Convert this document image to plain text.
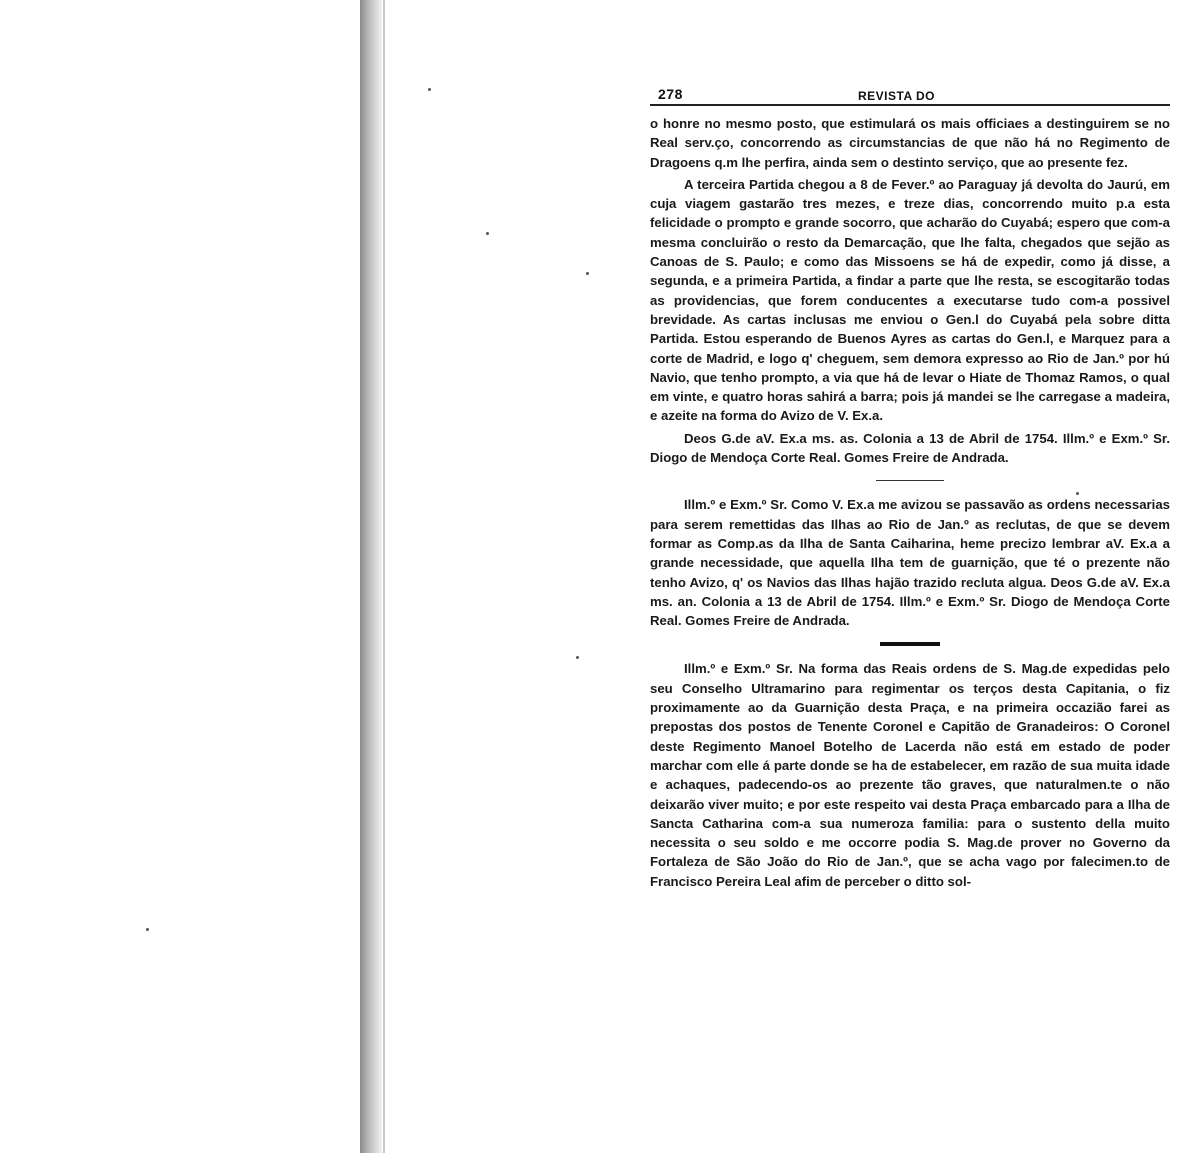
278	REVISTA DO

o honre no mesmo posto, que estimulará os mais officiaes a destinguirem se no Real serv.ço, concorrendo as circumstancias de que não há no Regimento de Dragoens q.m lhe perfira, ainda sem o destinto serviço, que ao presente fez.

A terceira Partida chegou a 8 de Fever.º ao Paraguay já devolta do Jaurú, em cuja viagem gastarão tres mezes, e treze dias, concorrendo muito p.a esta felicidade o prompto e grande socorro, que acharão do Cuyabá; espero que com-a mesma concluirão o resto da Demarcação, que lhe falta, chegados que sejão as Canoas de S. Paulo; e como das Missoens se há de expedir, como já disse, a segunda, e a primeira Partida, a findar a parte que lhe resta, se escogitarão todas as providencias, que forem conducentes a executarse tudo com-a possivel brevidade. As cartas inclusas me enviou o Gen.l do Cuyabá pela sobre ditta Partida. Estou esperando de Buenos Ayres as cartas do Gen.l, e Marquez para a corte de Madrid, e logo q' cheguem, sem demora expresso ao Rio de Jan.º por hú Navio, que tenho prompto, a via que há de levar o Hiate de Thomaz Ramos, o qual em vinte, e quatro horas sahirá a barra; pois já mandei se lhe carregase a madeira, e azeite na forma do Avizo de V. Ex.a.

Deos G.de aV. Ex.a ms. as. Colonia a 13 de Abril de 1754. Illm.º e Exm.º Sr. Diogo de Mendoça Corte Real. Gomes Freire de Andrada.

Illm.º e Exm.º Sr. Como V. Ex.a me avizou se passavão as ordens necessarias para serem remettidas das Ilhas ao Rio de Jan.º as reclutas, de que se devem formar as Comp.as da Ilha de Santa Caiharina, heme precizo lembrar aV. Ex.a a grande necessidade, que aquella Ilha tem de guarnição, que té o prezente não tenho Avizo, q' os Navios das Ilhas hajão trazido recluta algua. Deos G.de aV. Ex.a ms. an. Colonia a 13 de Abril de 1754. Illm.º e Exm.º Sr. Diogo de Mendoça Corte Real. Gomes Freire de Andrada.

Illm.º e Exm.º Sr. Na forma das Reais ordens de S. Mag.de expedidas pelo seu Conselho Ultramarino para regimentar os terços desta Capitania, o fiz proximamente ao da Guarnição desta Praça, e na primeira occazião farei as prepostas dos postos de Tenente Coronel e Capitão de Granadeiros: O Coronel deste Regimento Manoel Botelho de Lacerda não está em estado de poder marchar com elle á parte donde se ha de estabelecer, em razão de sua muita idade e achaques, padecendo-os ao prezente tão graves, que naturalmen.te o não deixarão viver muito; e por este respeito vai desta Praça embarcado para a Ilha de Sancta Catharina com-a sua numeroza familia: para o sustento della muito necessita o seu soldo e me occorre podia S. Mag.de prover no Governo da Fortaleza de São João do Rio de Jan.º, que se acha vago por falecimen.to de Francisco Pereira Leal afim de perceber o ditto sol-
